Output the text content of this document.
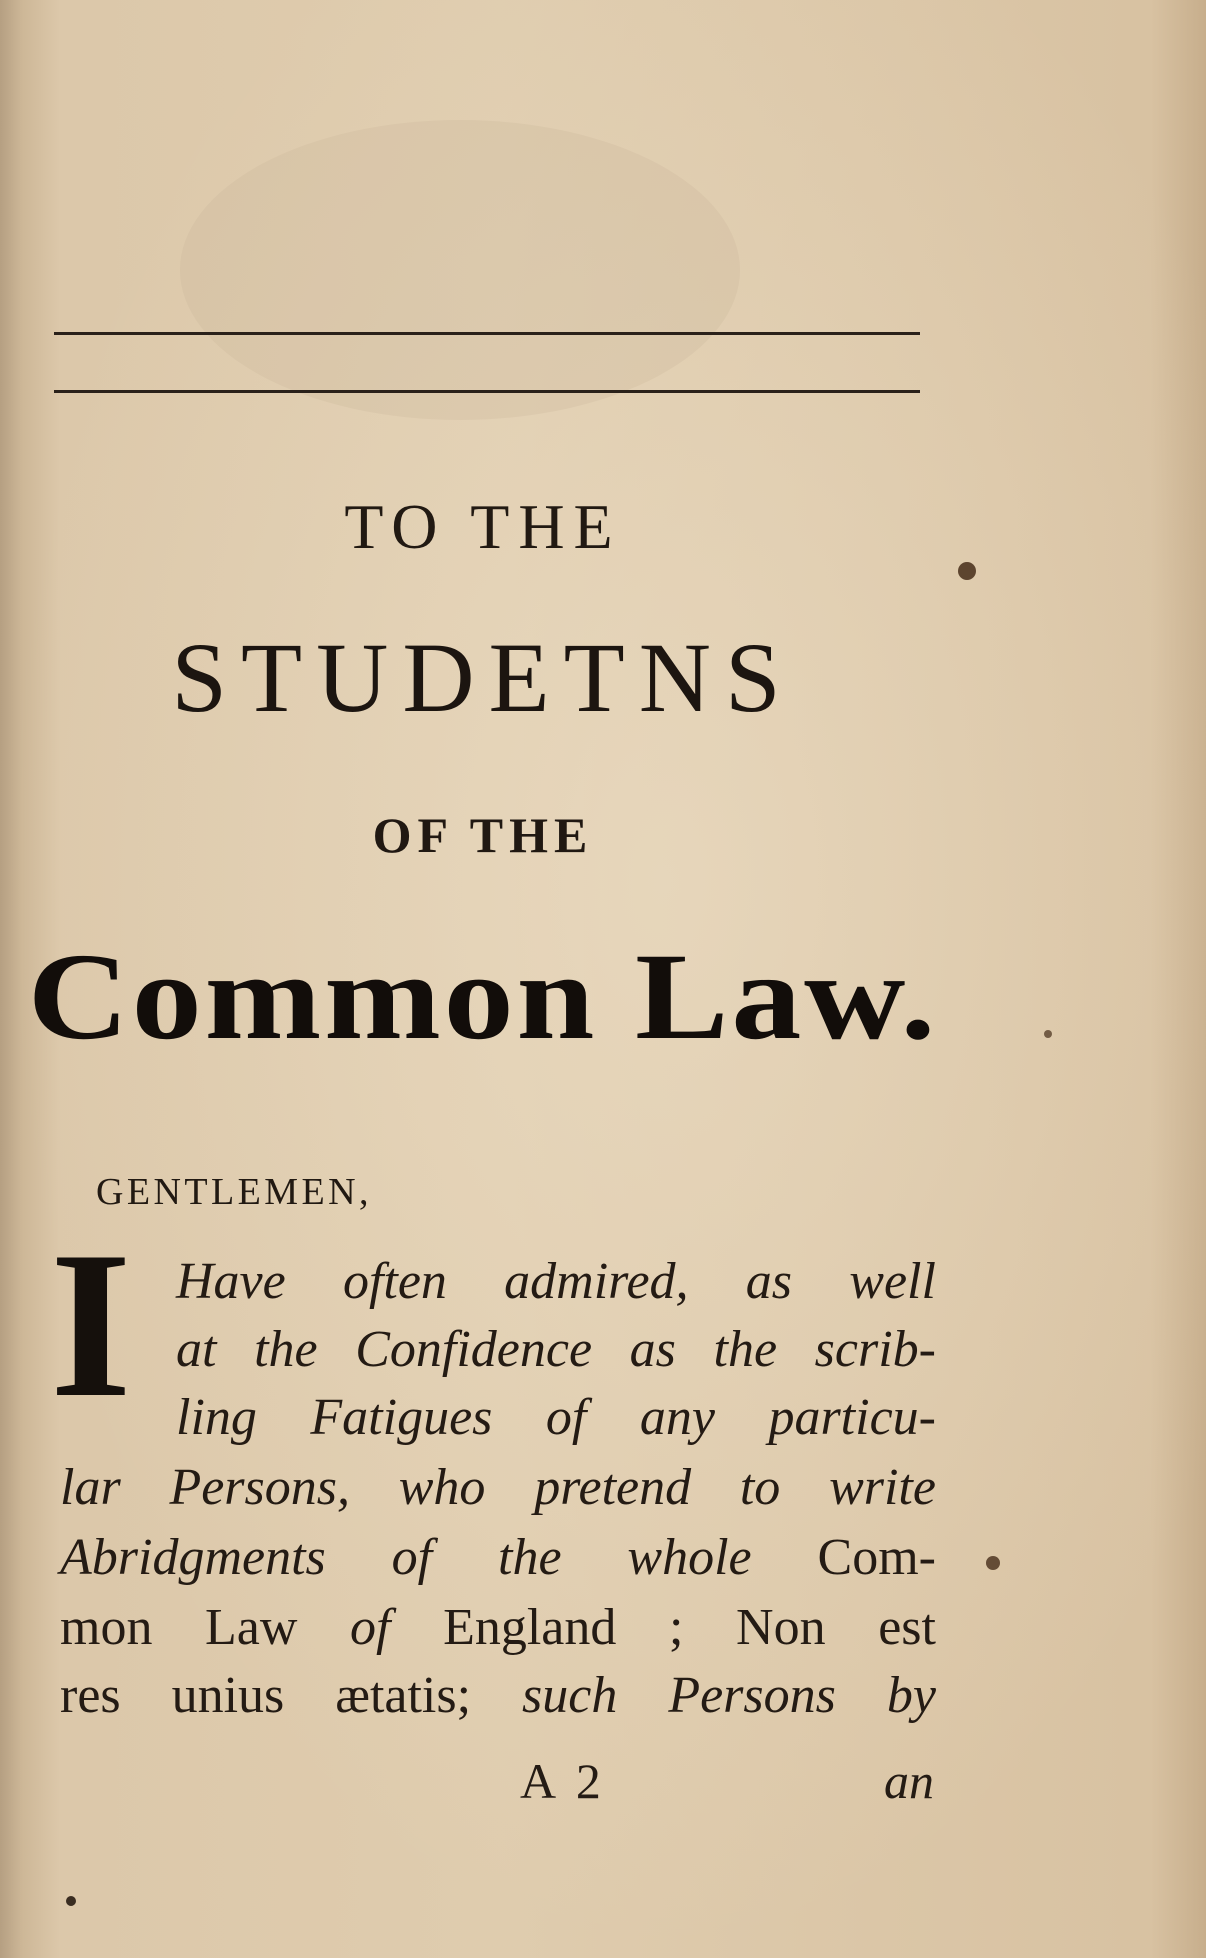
TO THE
STUDETNS
OF THE
Common Law.
GENTLEMEN,
I Have often admired, as well
at the Confidence as the scrib-
ling Fatigues of any particu-
lar Persons, who pretend to write
Abridgments of the whole Com-
mon Law of England ; Non est
res unius ætatis; such Persons by
A 2	an
